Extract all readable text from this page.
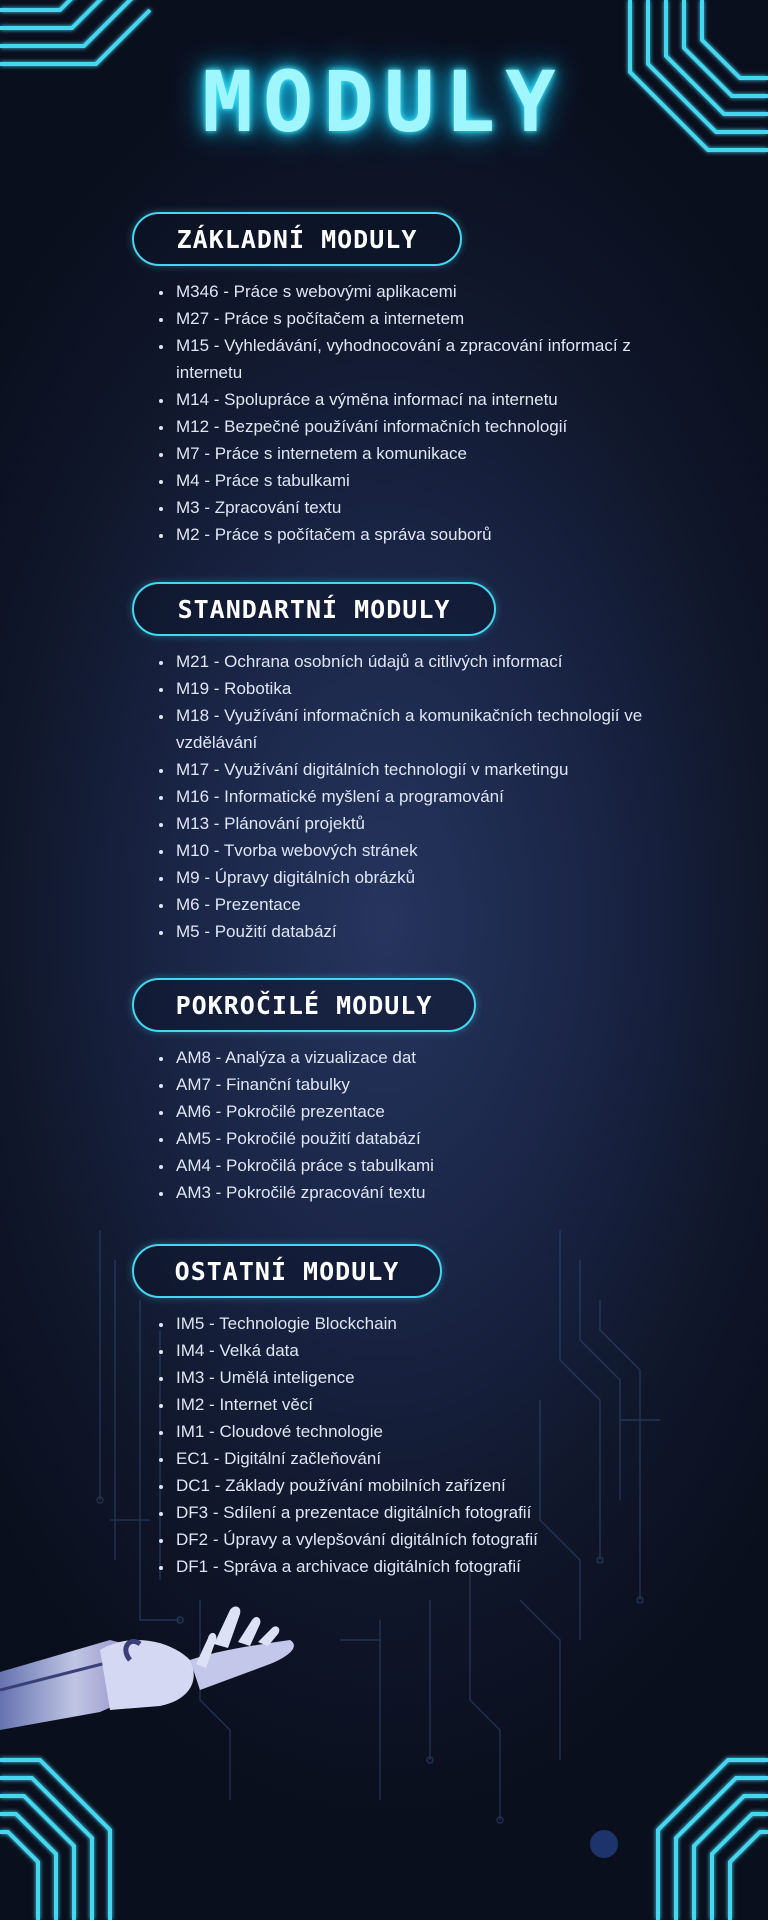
MODULY
ZÁKLADNÍ MODULY
• M346 - Práce s webovými aplikacemi
• M27 - Práce s počítačem a internetem
• M15 - Vyhledávání, vyhodnocování a zpracování informací z internetu
• M14 - Spolupráce a výměna informací na internetu
• M12 - Bezpečné používání informačních technologií
• M7 - Práce s internetem a komunikace
• M4 - Práce s tabulkami
• M3 - Zpracování textu
• M2 - Práce s počítačem a správa souborů
STANDARTNÍ MODULY
• M21 - Ochrana osobních údajů a citlivých informací
• M19 - Robotika
• M18 - Využívání informačních a komunikačních technologií ve vzdělávání
• M17 - Využívání digitálních technologií v marketingu
• M16 - Informatické myšlení a programování
• M13 - Plánování projektů
• M10 - Tvorba webových stránek
• M9 - Úpravy digitálních obrázků
• M6 - Prezentace
• M5 - Použití databází
POKROČILÉ MODULY
• AM8 - Analýza a vizualizace dat
• AM7 - Finanční tabulky
• AM6 - Pokročilé prezentace
• AM5 - Pokročilé použití databází
• AM4 - Pokročilá práce s tabulkami
• AM3 - Pokročilé zpracování textu
OSTATNÍ MODULY
• IM5 - Technologie Blockchain
• IM4 - Velká data
• IM3 - Umělá inteligence
• IM2 - Internet věcí
• IM1 - Cloudové technologie
• EC1 - Digitální začleňování
• DC1 - Základy používání mobilních zařízení
• DF3 - Sdílení a prezentace digitálních fotografií
• DF2 - Úpravy a vylepšování digitálních fotografií
• DF1 - Správa a archivace digitálních fotografií
